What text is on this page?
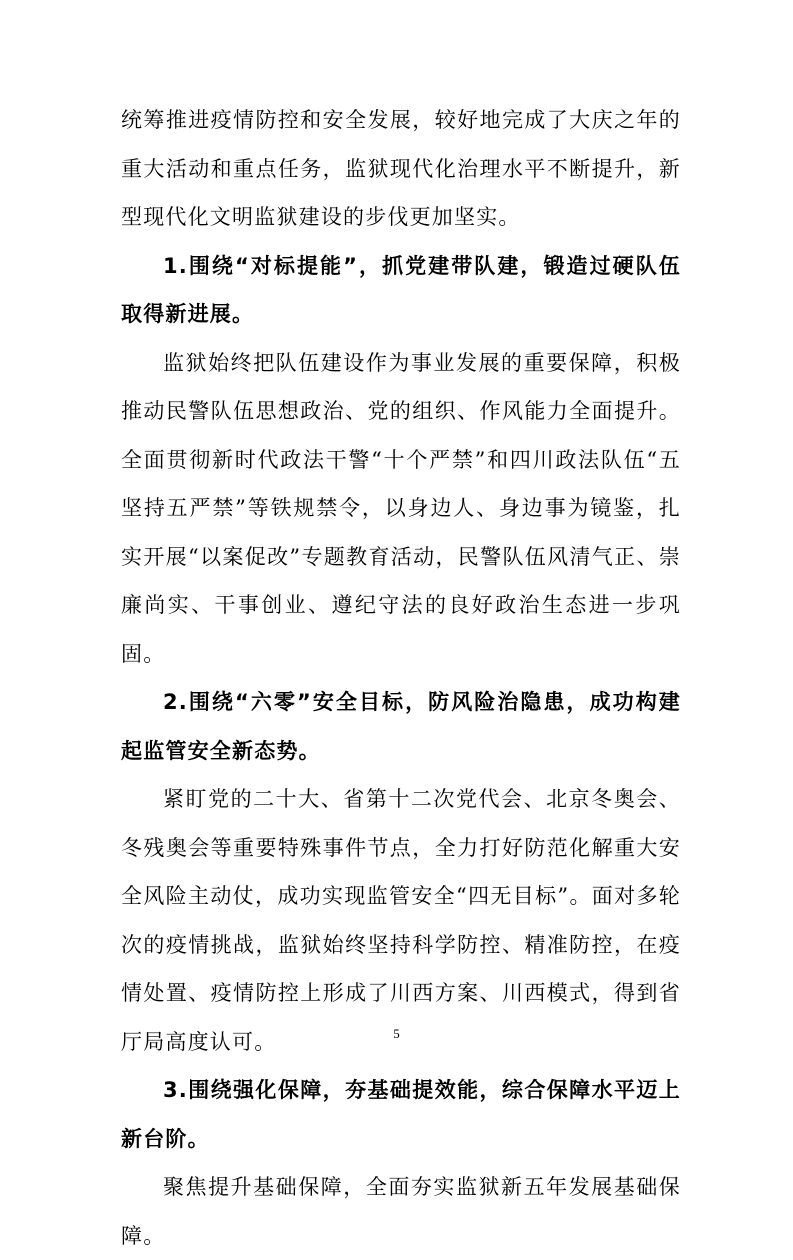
统筹推进疫情防控和安全发展，较好地完成了大庆之年的重大活动和重点任务，监狱现代化治理水平不断提升，新型现代化文明监狱建设的步伐更加坚实。

1.围绕“对标提能”，抓党建带队建，锻造过硬队伍取得新进展。

监狱始终把队伍建设作为事业发展的重要保障，积极推动民警队伍思想政治、党的组织、作风能力全面提升。全面贯彻新时代政法干警“十个严禁”和四川政法队伍“五坚持五严禁”等铁规禁令，以身边人、身边事为镜鉴，扎实开展“以案促改”专题教育活动，民警队伍风清气正、崇廉尚实、干事创业、遵纪守法的良好政治生态进一步巩固。

2.围绕“六零”安全目标，防风险治隐患，成功构建起监管安全新态势。

紧盯党的二十大、省第十二次党代会、北京冬奥会、冬残奥会等重要特殊事件节点，全力打好防范化解重大安全风险主动仗，成功实现监管安全“四无目标”。面对多轮次的疫情挑战，监狱始终坚持科学防控、精准防控，在疫情处置、疫情防控上形成了川西方案、川西模式，得到省厅局高度认可。

3.围绕强化保障，夯基础提效能，综合保障水平迈上新台阶。

聚焦提升基础保障，全面夯实监狱新五年发展基础保障。

5
